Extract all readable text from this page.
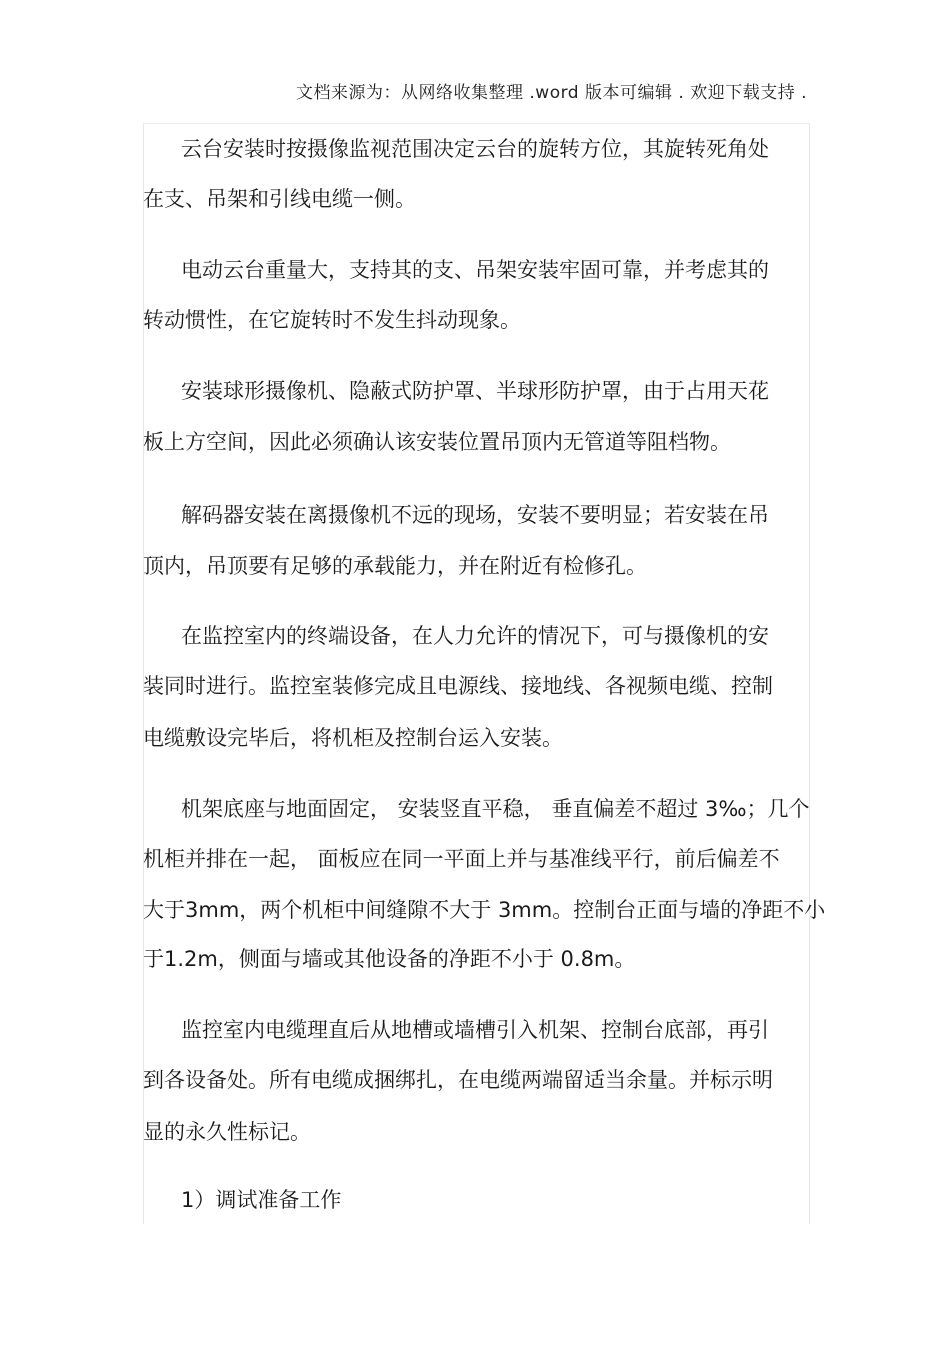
文档来源为：从网络收集整理 .word 版本可编辑 . 欢迎下载支持 .
云台安装时按摄像监视范围决定云台的旋转方位，其旋转死角处
在支、吊架和引线电缆一侧。
电动云台重量大，支持其的支、吊架安装牢固可靠，并考虑其的
转动惯性，在它旋转时不发生抖动现象。
安装球形摄像机、隐蔽式防护罩、半球形防护罩，由于占用天花
板上方空间，因此必须确认该安装位置吊顶内无管道等阻档物。
解码器安装在离摄像机不远的现场，安装不要明显；若安装在吊
顶内，吊顶要有足够的承载能力，并在附近有检修孔。
在监控室内的终端设备，在人力允许的情况下，可与摄像机的安
装同时进行。监控室装修完成且电源线、接地线、各视频电缆、控制
电缆敷设完毕后，将机柜及控制台运入安装。
机架底座与地面固定， 安装竖直平稳， 垂直偏差不超过 3‰；几个
机柜并排在一起， 面板应在同一平面上并与基准线平行，前后偏差不
大于3mm，两个机柜中间缝隙不大于 3mm。控制台正面与墙的净距不小
于1.2m，侧面与墙或其他设备的净距不小于 0.8m。
监控室内电缆理直后从地槽或墙槽引入机架、控制台底部，再引
到各设备处。所有电缆成捆绑扎，在电缆两端留适当余量。并标示明
显的永久性标记。
1）调试准备工作
